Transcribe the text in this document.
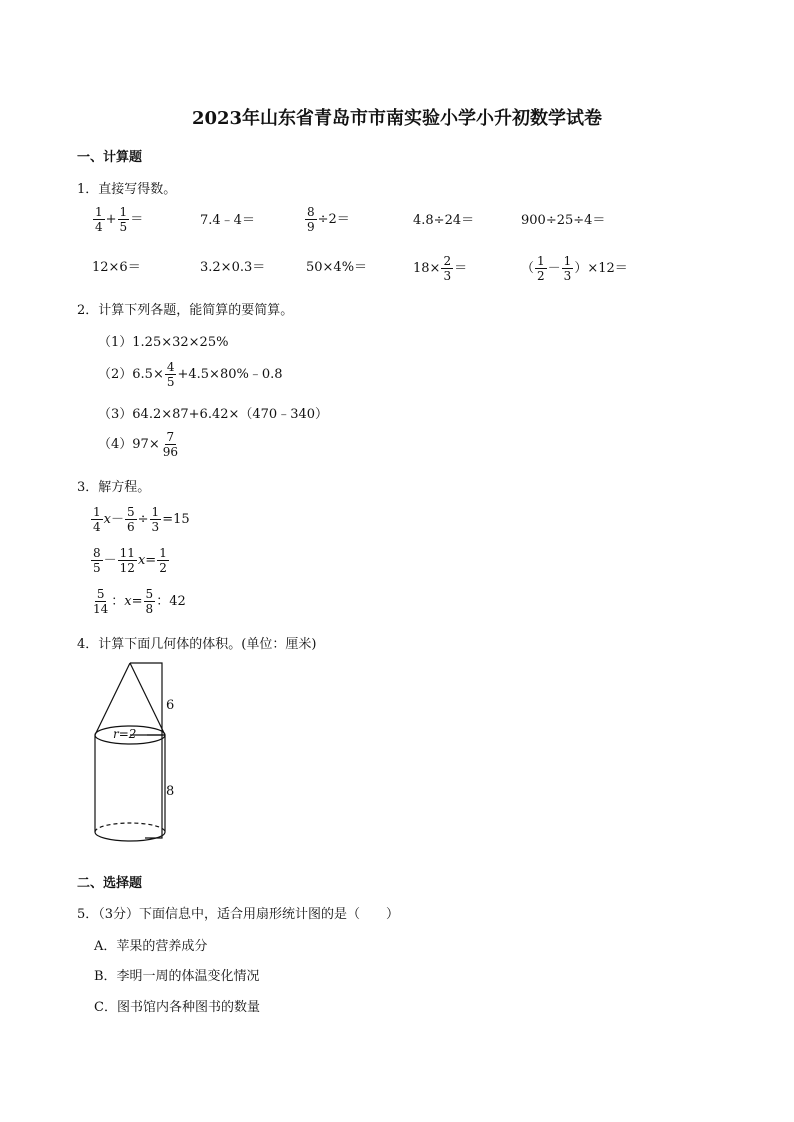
2023年山东省青岛市市南实验小学小升初数学试卷
一、计算题
1．直接写得数。
$\frac{1}{4} + \frac{1}{5}$ ＝	7.4﹣4＝	$\frac{8}{9} \div 2=$	4.8÷24＝	900÷25÷4＝
12×6＝	3.2×0.3＝	50×4%＝	$18\times \frac{2}{3}$ ＝	（ $\frac{1}{2} - \frac{1}{3} )\times 12=$
2．计算下列各题，能简算的要简算。
（1）1.25×32×25%
$(2)6.5\times \frac{4}{5}$ +4.5×80%﹣0.8
（3）64.2×87+6.42×（470﹣340）
$(4)97\times \frac{7}{96}$
3．解方程。
$\frac{1}{4} x- \frac{5}{6} \div \frac{1}{3} =15$
$\frac{8}{5} - \frac{11}{12} x= \frac{1}{2}$
$\frac{5}{14}$ ：$x= \frac{5}{8}$ ：42
4．计算下面几何体的体积。(单位：厘米)
6
8
r=2
二、选择题
5．（3分）下面信息中，适合用扇形统计图的是（　　）
A．苹果的营养成分
B．李明一周的体温变化情况
C．图书馆内各种图书的数量
